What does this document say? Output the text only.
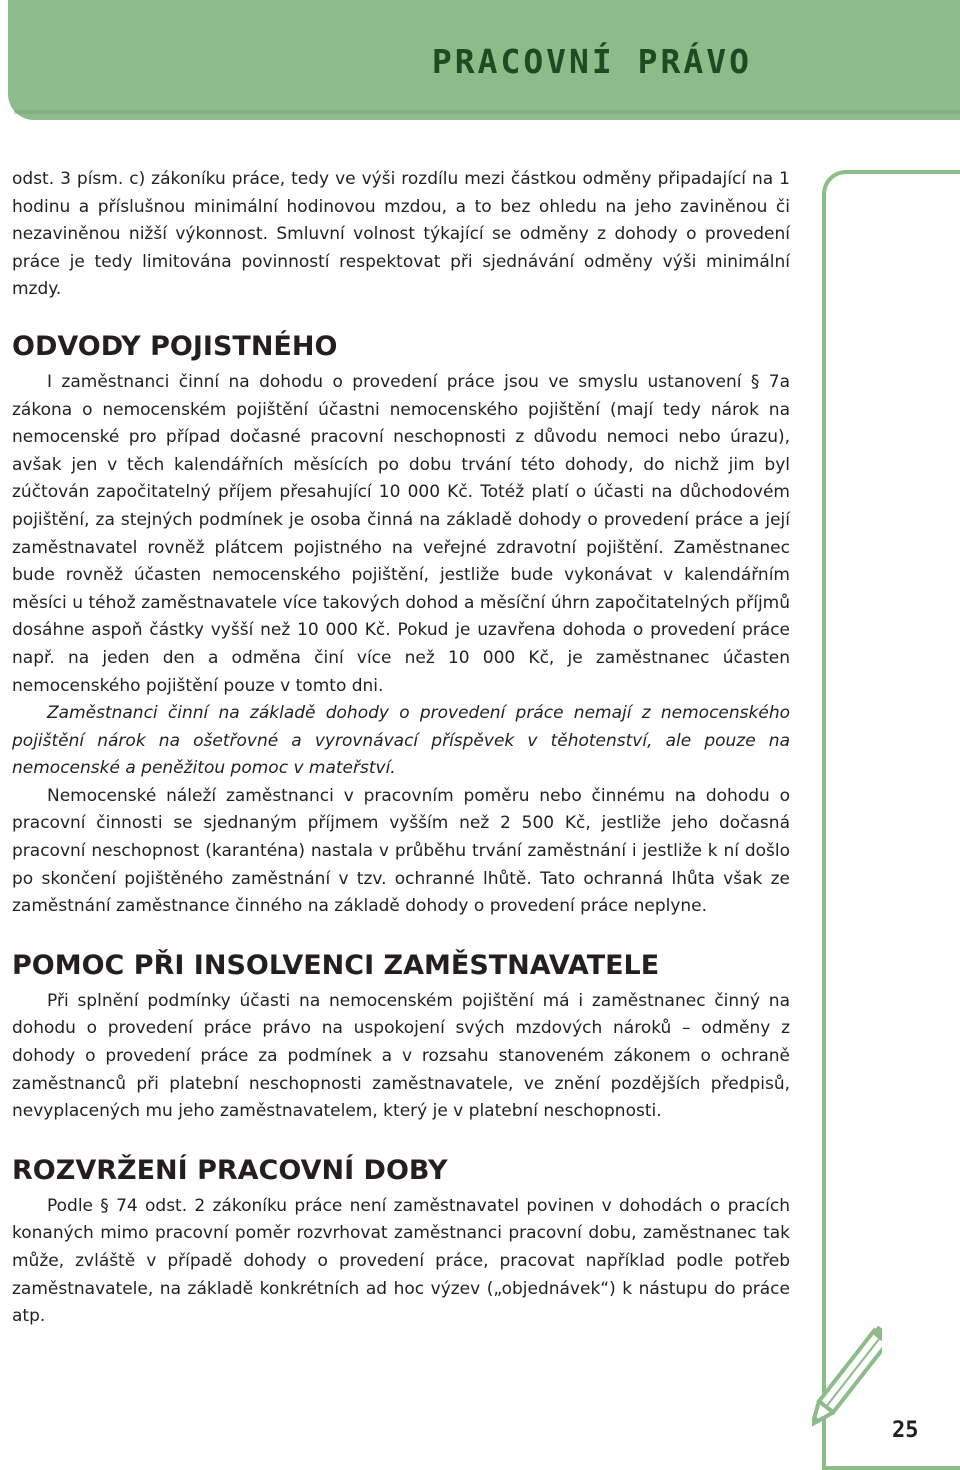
PRACOVNÍ PRÁVO

odst. 3 písm. c) zákoníku práce, tedy ve výši rozdílu mezi částkou odměny připadající na 1 hodinu a příslušnou minimální hodinovou mzdou, a to bez ohledu na jeho zaviněnou či nezaviněnou nižší výkonnost. Smluvní volnost týkající se odměny z dohody o provedení práce je tedy limitována povinností respektovat při sjednávání odměny výši minimální mzdy.

ODVODY POJISTNÉHO

I zaměstnanci činní na dohodu o provedení práce jsou ve smyslu ustanovení § 7a zákona o nemocenském pojištění účastni nemocenského pojištění (mají tedy nárok na nemocenské pro případ dočasné pracovní neschopnosti z důvodu nemoci nebo úrazu), avšak jen v těch kalendářních měsících po dobu trvání této dohody, do nichž jim byl zúčtován započitatelný příjem přesahující 10 000 Kč. Totéž platí o účasti na důchodovém pojištění, za stejných podmínek je osoba činná na základě dohody o provedení práce a její zaměstnavatel rovněž plátcem pojistného na veřejné zdravotní pojištění. Zaměstnanec bude rovněž účasten nemocenského pojištění, jestliže bude vykonávat v kalendářním měsíci u téhož zaměstnavatele více takových dohod a měsíční úhrn započitatelných příjmů dosáhne aspoň částky vyšší než 10 000 Kč. Pokud je uzavřena dohoda o provedení práce např. na jeden den a odměna činí více než 10 000 Kč, je zaměstnanec účasten nemocenského pojištění pouze v tomto dni.

Zaměstnanci činní na základě dohody o provedení práce nemají z nemocenského pojištění nárok na ošetřovné a vyrovnávací příspěvek v těhotenství, ale pouze na nemocenské a peněžitou pomoc v mateřství.

Nemocenské náleží zaměstnanci v pracovním poměru nebo činnému na dohodu o pracovní činnosti se sjednaným příjmem vyšším než 2 500 Kč, jestliže jeho dočasná pracovní neschopnost (karanténa) nastala v průběhu trvání zaměstnání i jestliže k ní došlo po skončení pojištěného zaměstnání v tzv. ochranné lhůtě. Tato ochranná lhůta však ze zaměstnání zaměstnance činného na základě dohody o provedení práce neplyne.

POMOC PŘI INSOLVENCI ZAMĚSTNAVATELE

Při splnění podmínky účasti na nemocenském pojištění má i zaměstnanec činný na dohodu o provedení práce právo na uspokojení svých mzdových nároků – odměny z dohody o provedení práce za podmínek a v rozsahu stanoveném zákonem o ochraně zaměstnanců při platební neschopnosti zaměstnavatele, ve znění pozdějších předpisů, nevyplacených mu jeho zaměstnavatelem, který je v platební neschopnosti.

ROZVRŽENÍ PRACOVNÍ DOBY

Podle § 74 odst. 2 zákoníku práce není zaměstnavatel povinen v dohodách o pracích konaných mimo pracovní poměr rozvrhovat zaměstnanci pracovní dobu, zaměstnanec tak může, zvláště v případě dohody o provedení práce, pracovat například podle potřeb zaměstnavatele, na základě konkrétních ad hoc výzev („objednávek“) k nástupu do práce atp.

25
